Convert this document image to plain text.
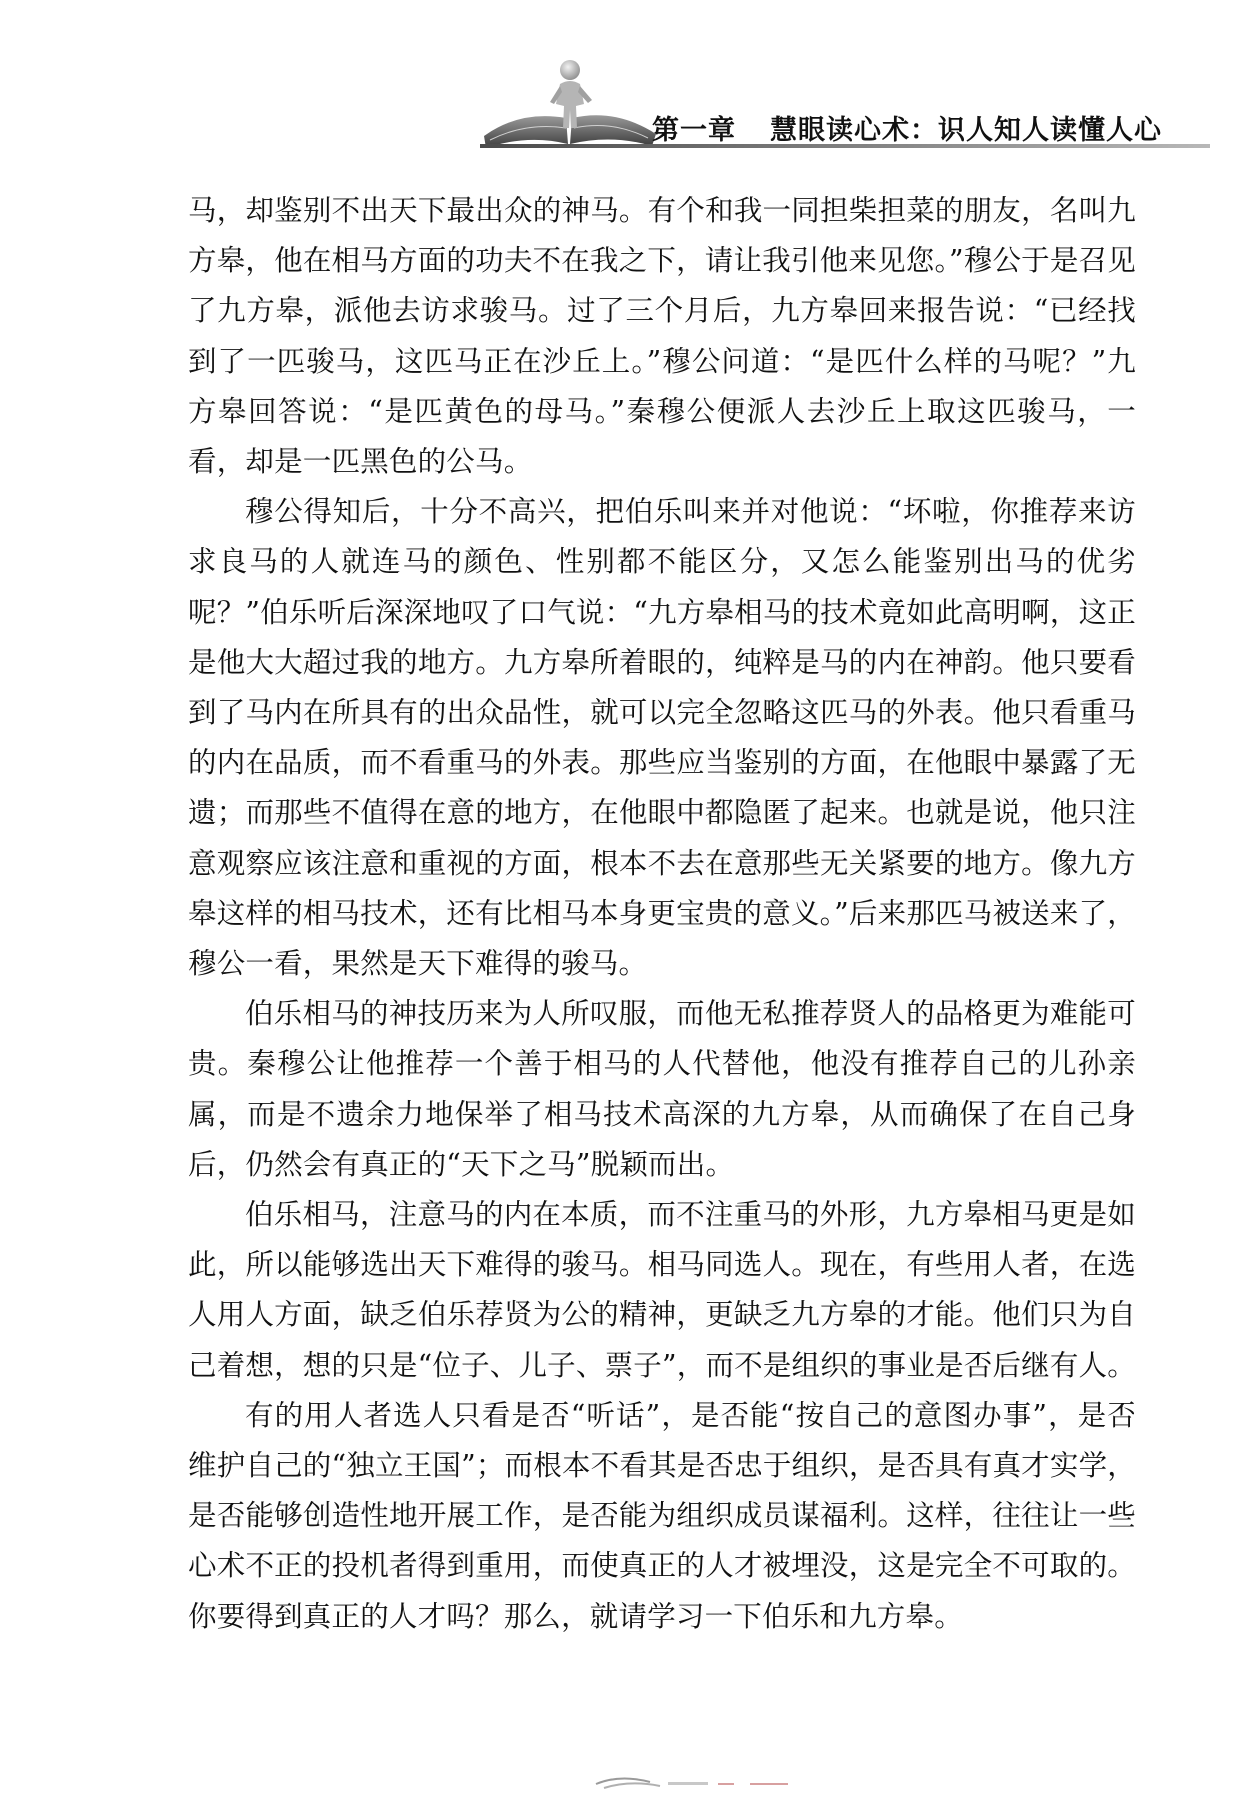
第一章 慧眼读心术：识人知人读懂人心

马，却鉴别不出天下最出众的神马。有个和我一同担柴担菜的朋友，名叫九方皋，他在相马方面的功夫不在我之下，请让我引他来见您。”穆公于是召见了九方皋，派他去访求骏马。过了三个月后，九方皋回来报告说：“已经找到了一匹骏马，这匹马正在沙丘上。”穆公问道：“是匹什么样的马呢？”九方皋回答说：“是匹黄色的母马。”秦穆公便派人去沙丘上取这匹骏马，一看，却是一匹黑色的公马。

穆公得知后，十分不高兴，把伯乐叫来并对他说：“坏啦，你推荐来访求良马的人就连马的颜色、性别都不能区分，又怎么能鉴别出马的优劣呢？”伯乐听后深深地叹了口气说：“九方皋相马的技术竟如此高明啊，这正是他大大超过我的地方。九方皋所着眼的，纯粹是马的内在神韵。他只要看到了马内在所具有的出众品性，就可以完全忽略这匹马的外表。他只看重马的内在品质，而不看重马的外表。那些应当鉴别的方面，在他眼中暴露了无遗；而那些不值得在意的地方，在他眼中都隐匿了起来。也就是说，他只注意观察应该注意和重视的方面，根本不去在意那些无关紧要的地方。像九方皋这样的相马技术，还有比相马本身更宝贵的意义。”后来那匹马被送来了，穆公一看，果然是天下难得的骏马。

伯乐相马的神技历来为人所叹服，而他无私推荐贤人的品格更为难能可贵。秦穆公让他推荐一个善于相马的人代替他，他没有推荐自己的儿孙亲属，而是不遗余力地保举了相马技术高深的九方皋，从而确保了在自己身后，仍然会有真正的“天下之马”脱颖而出。

伯乐相马，注意马的内在本质，而不注重马的外形，九方皋相马更是如此，所以能够选出天下难得的骏马。相马同选人。现在，有些用人者，在选人用人方面，缺乏伯乐荐贤为公的精神，更缺乏九方皋的才能。他们只为自己着想，想的只是“位子、儿子、票子”，而不是组织的事业是否后继有人。

有的用人者选人只看是否“听话”，是否能“按自己的意图办事”，是否维护自己的“独立王国”；而根本不看其是否忠于组织，是否具有真才实学，是否能够创造性地开展工作，是否能为组织成员谋福利。这样，往往让一些心术不正的投机者得到重用，而使真正的人才被埋没，这是完全不可取的。你要得到真正的人才吗？那么，就请学习一下伯乐和九方皋。
